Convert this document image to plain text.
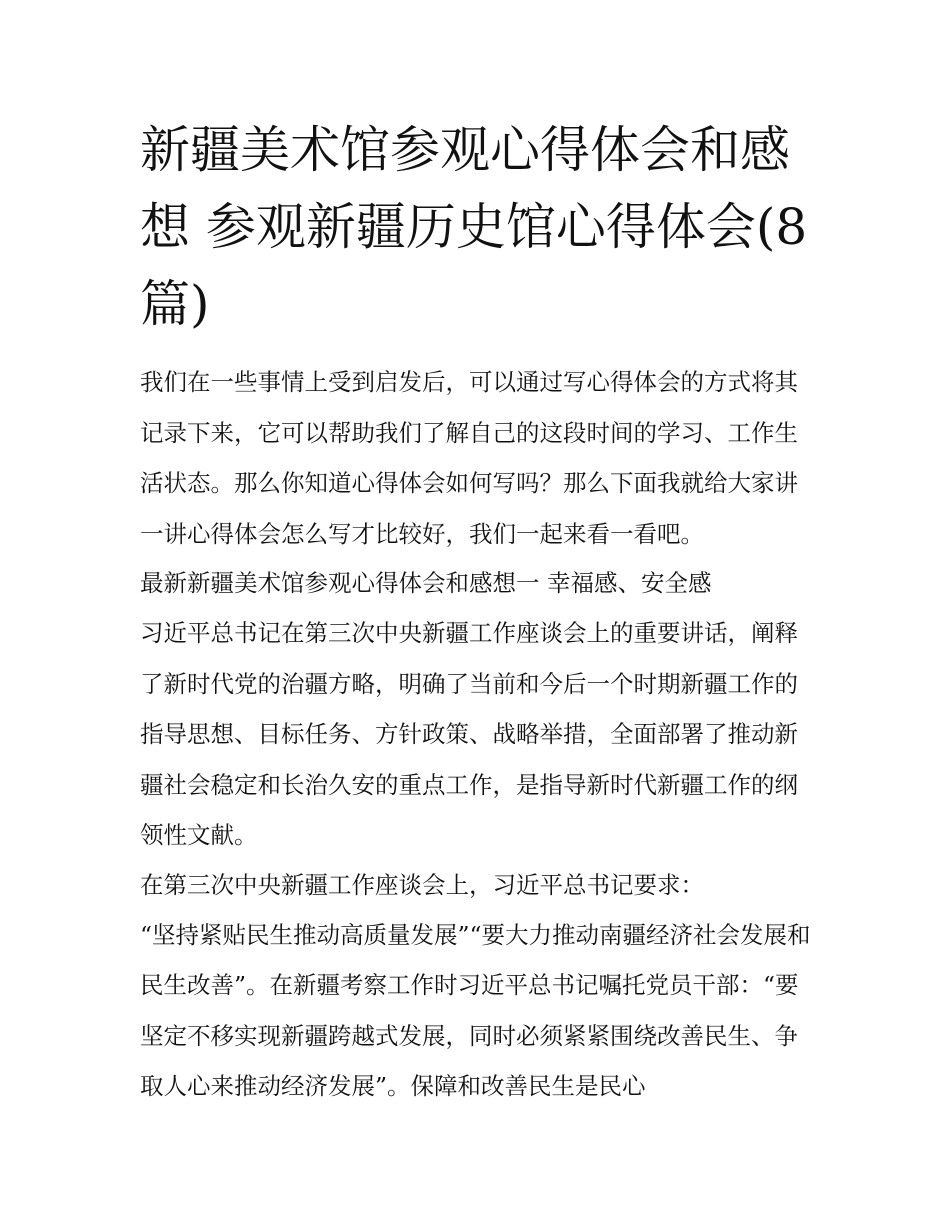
新疆美术馆参观心得体会和感想 参观新疆历史馆心得体会(8篇)

我们在一些事情上受到启发后，可以通过写心得体会的方式将其记录下来，它可以帮助我们了解自己的这段时间的学习、工作生活状态。那么你知道心得体会如何写吗？那么下面我就给大家讲一讲心得体会怎么写才比较好，我们一起来看一看吧。

最新新疆美术馆参观心得体会和感想一 幸福感、安全感

习近平总书记在第三次中央新疆工作座谈会上的重要讲话，阐释了新时代党的治疆方略，明确了当前和今后一个时期新疆工作的指导思想、目标任务、方针政策、战略举措，全面部署了推动新疆社会稳定和长治久安的重点工作，是指导新时代新疆工作的纲领性文献。

在第三次中央新疆工作座谈会上，习近平总书记要求：

“坚持紧贴民生推动高质量发展”“要大力推动南疆经济社会发展和民生改善”。在新疆考察工作时习近平总书记嘱托党员干部：“要坚定不移实现新疆跨越式发展，同时必须紧紧围绕改善民生、争取人心来推动经济发展”。保障和改善民生是民心
